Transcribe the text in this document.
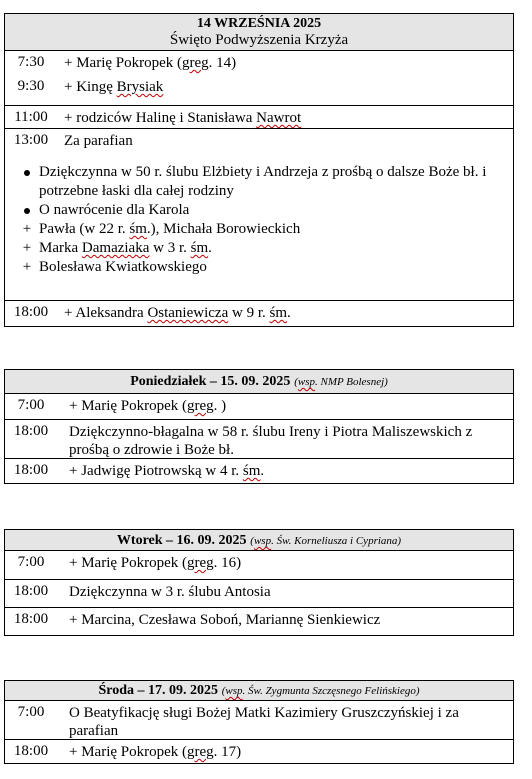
14 WRZEŚNIA 2025
Święto Podwyższenia Krzyża
7:30	+ Marię Pokropek (greg. 14)
9:30	+ Kingę Brysiak
11:00	+ rodziców Halinę i Stanisława Nawrot
13:00	Za parafian
Dziękczynna w 50 r. ślubu Elżbiety i Andrzeja z prośbą o dalsze Boże bł. i potrzebne łaski dla całej rodziny
O nawrócenie dla Karola
+ Pawła (w 22 r. śm.), Michała Borowieckich
+ Marka Damaziaka w 3 r. śm.
+ Bolesława Kwiatkowskiego
18:00	+ Aleksandra Ostaniewicza w 9 r. śm.
Poniedziałek – 15. 09. 2025 (wsp. NMP Bolesnej)
7:00	+ Marię Pokropek (greg. )
18:00	Dziękczynno-błagalna w 58 r. ślubu Ireny i Piotra Maliszewskich z prośbą o zdrowie i Boże bł.
18:00	+ Jadwigę Piotrowską w 4 r. śm.
Wtorek – 16. 09. 2025 (wsp. Św. Korneliusza i Cypriana)
7:00	+ Marię Pokropek (greg. 16)
18:00	Dziękczynna w 3 r. ślubu Antosia
18:00	+ Marcina, Czesława Soboń, Mariannę Sienkiewicz
Środa – 17. 09. 2025 (wsp. Św. Zygmunta Szczęsnego Felińskiego)
7:00	O Beatyfikację sługi Bożej Matki Kazimiery Gruszczyńskiej i za parafian
18:00	+ Marię Pokropek (greg. 17)
